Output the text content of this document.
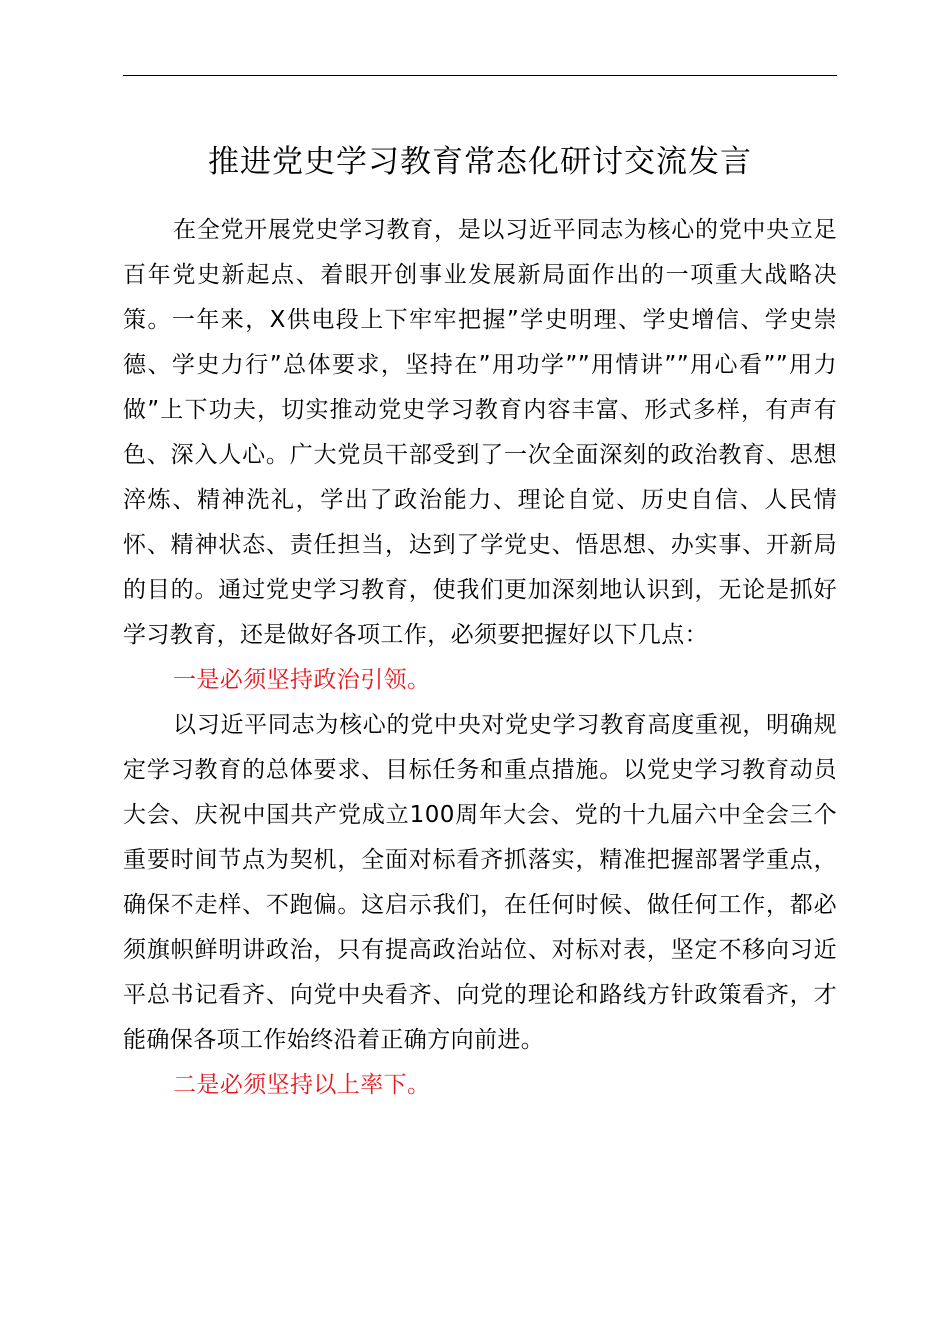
推进党史学习教育常态化研讨交流发言

在全党开展党史学习教育，是以习近平同志为核心的党中央立足百年党史新起点、着眼开创事业发展新局面作出的一项重大战略决策。一年来，X供电段上下牢牢把握”学史明理、学史增信、学史崇德、学史力行”总体要求，坚持在”用功学””用情讲””用心看””用力做”上下功夫，切实推动党史学习教育内容丰富、形式多样，有声有色、深入人心。广大党员干部受到了一次全面深刻的政治教育、思想淬炼、精神洗礼，学出了政治能力、理论自觉、历史自信、人民情怀、精神状态、责任担当，达到了学党史、悟思想、办实事、开新局的目的。通过党史学习教育，使我们更加深刻地认识到，无论是抓好学习教育，还是做好各项工作，必须要把握好以下几点：

一是必须坚持政治引领。

以习近平同志为核心的党中央对党史学习教育高度重视，明确规定学习教育的总体要求、目标任务和重点措施。以党史学习教育动员大会、庆祝中国共产党成立100周年大会、党的十九届六中全会三个重要时间节点为契机，全面对标看齐抓落实，精准把握部署学重点，确保不走样、不跑偏。这启示我们，在任何时候、做任何工作，都必须旗帜鲜明讲政治，只有提高政治站位、对标对表，坚定不移向习近平总书记看齐、向党中央看齐、向党的理论和路线方针政策看齐，才能确保各项工作始终沿着正确方向前进。

二是必须坚持以上率下。
